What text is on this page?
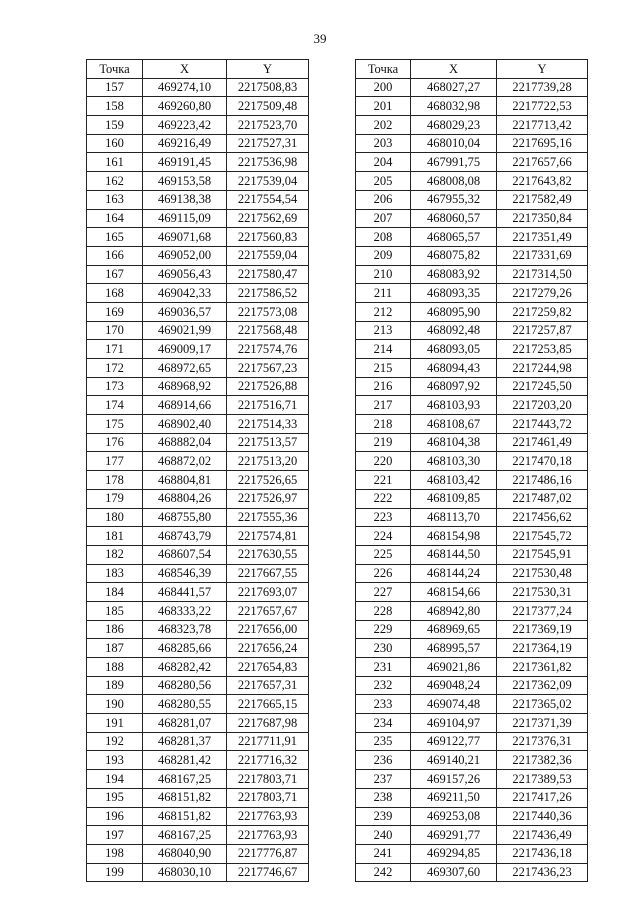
39
Точка	X	Y
157	469274,10	2217508,83
158	469260,80	2217509,48
159	469223,42	2217523,70
160	469216,49	2217527,31
161	469191,45	2217536,98
162	469153,58	2217539,04
163	469138,38	2217554,54
164	469115,09	2217562,69
165	469071,68	2217560,83
166	469052,00	2217559,04
167	469056,43	2217580,47
168	469042,33	2217586,52
169	469036,57	2217573,08
170	469021,99	2217568,48
171	469009,17	2217574,76
172	468972,65	2217567,23
173	468968,92	2217526,88
174	468914,66	2217516,71
175	468902,40	2217514,33
176	468882,04	2217513,57
177	468872,02	2217513,20
178	468804,81	2217526,65
179	468804,26	2217526,97
180	468755,80	2217555,36
181	468743,79	2217574,81
182	468607,54	2217630,55
183	468546,39	2217667,55
184	468441,57	2217693,07
185	468333,22	2217657,67
186	468323,78	2217656,00
187	468285,66	2217656,24
188	468282,42	2217654,83
189	468280,56	2217657,31
190	468280,55	2217665,15
191	468281,07	2217687,98
192	468281,37	2217711,91
193	468281,42	2217716,32
194	468167,25	2217803,71
195	468151,82	2217803,71
196	468151,82	2217763,93
197	468167,25	2217763,93
198	468040,90	2217776,87
199	468030,10	2217746,67
Точка	X	Y
200	468027,27	2217739,28
201	468032,98	2217722,53
202	468029,23	2217713,42
203	468010,04	2217695,16
204	467991,75	2217657,66
205	468008,08	2217643,82
206	467955,32	2217582,49
207	468060,57	2217350,84
208	468065,57	2217351,49
209	468075,82	2217331,69
210	468083,92	2217314,50
211	468093,35	2217279,26
212	468095,90	2217259,82
213	468092,48	2217257,87
214	468093,05	2217253,85
215	468094,43	2217244,98
216	468097,92	2217245,50
217	468103,93	2217203,20
218	468108,67	2217443,72
219	468104,38	2217461,49
220	468103,30	2217470,18
221	468103,42	2217486,16
222	468109,85	2217487,02
223	468113,70	2217456,62
224	468154,98	2217545,72
225	468144,50	2217545,91
226	468144,24	2217530,48
227	468154,66	2217530,31
228	468942,80	2217377,24
229	468969,65	2217369,19
230	468995,57	2217364,19
231	469021,86	2217361,82
232	469048,24	2217362,09
233	469074,48	2217365,02
234	469104,97	2217371,39
235	469122,77	2217376,31
236	469140,21	2217382,36
237	469157,26	2217389,53
238	469211,50	2217417,26
239	469253,08	2217440,36
240	469291,77	2217436,49
241	469294,85	2217436,18
242	469307,60	2217436,23
